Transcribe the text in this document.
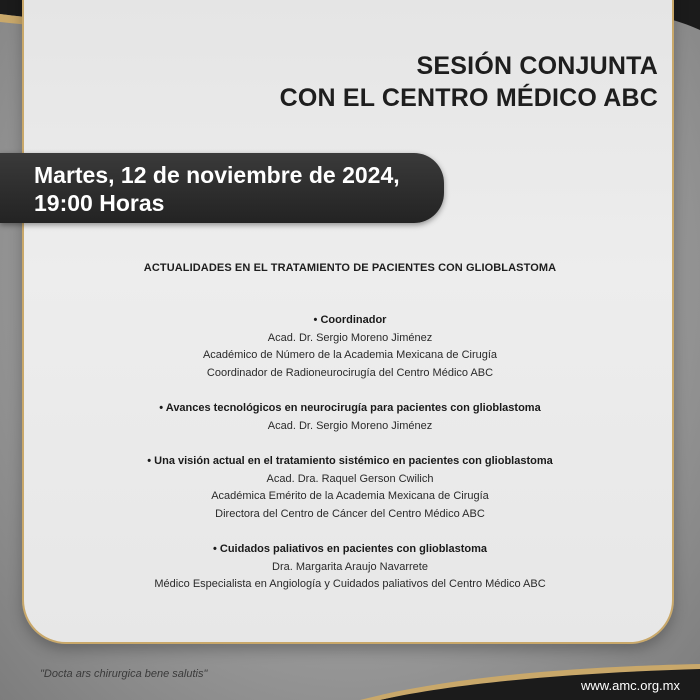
SESIÓN CONJUNTA
CON EL CENTRO MÉDICO ABC
Martes, 12 de noviembre de 2024,
19:00 Horas
ACTUALIDADES EN EL TRATAMIENTO DE PACIENTES CON GLIOBLASTOMA
• Coordinador
Acad. Dr. Sergio Moreno Jiménez
Académico de Número de la Academia Mexicana de Cirugía
Coordinador de Radioneurocirugía del Centro Médico ABC
• Avances tecnológicos en neurocirugía para pacientes con glioblastoma
Acad. Dr. Sergio Moreno Jiménez
• Una visión actual en el tratamiento sistémico en pacientes con glioblastoma
Acad. Dra. Raquel Gerson Cwilich
Académica Emérito de la Academia Mexicana de Cirugía
Directora del Centro de Cáncer del Centro Médico ABC
• Cuidados paliativos en pacientes con glioblastoma
Dra. Margarita Araujo Navarrete
Médico Especialista en Angiología y Cuidados paliativos del Centro Médico ABC
"Docta ars chirurgica bene salutis"
www.amc.org.mx
